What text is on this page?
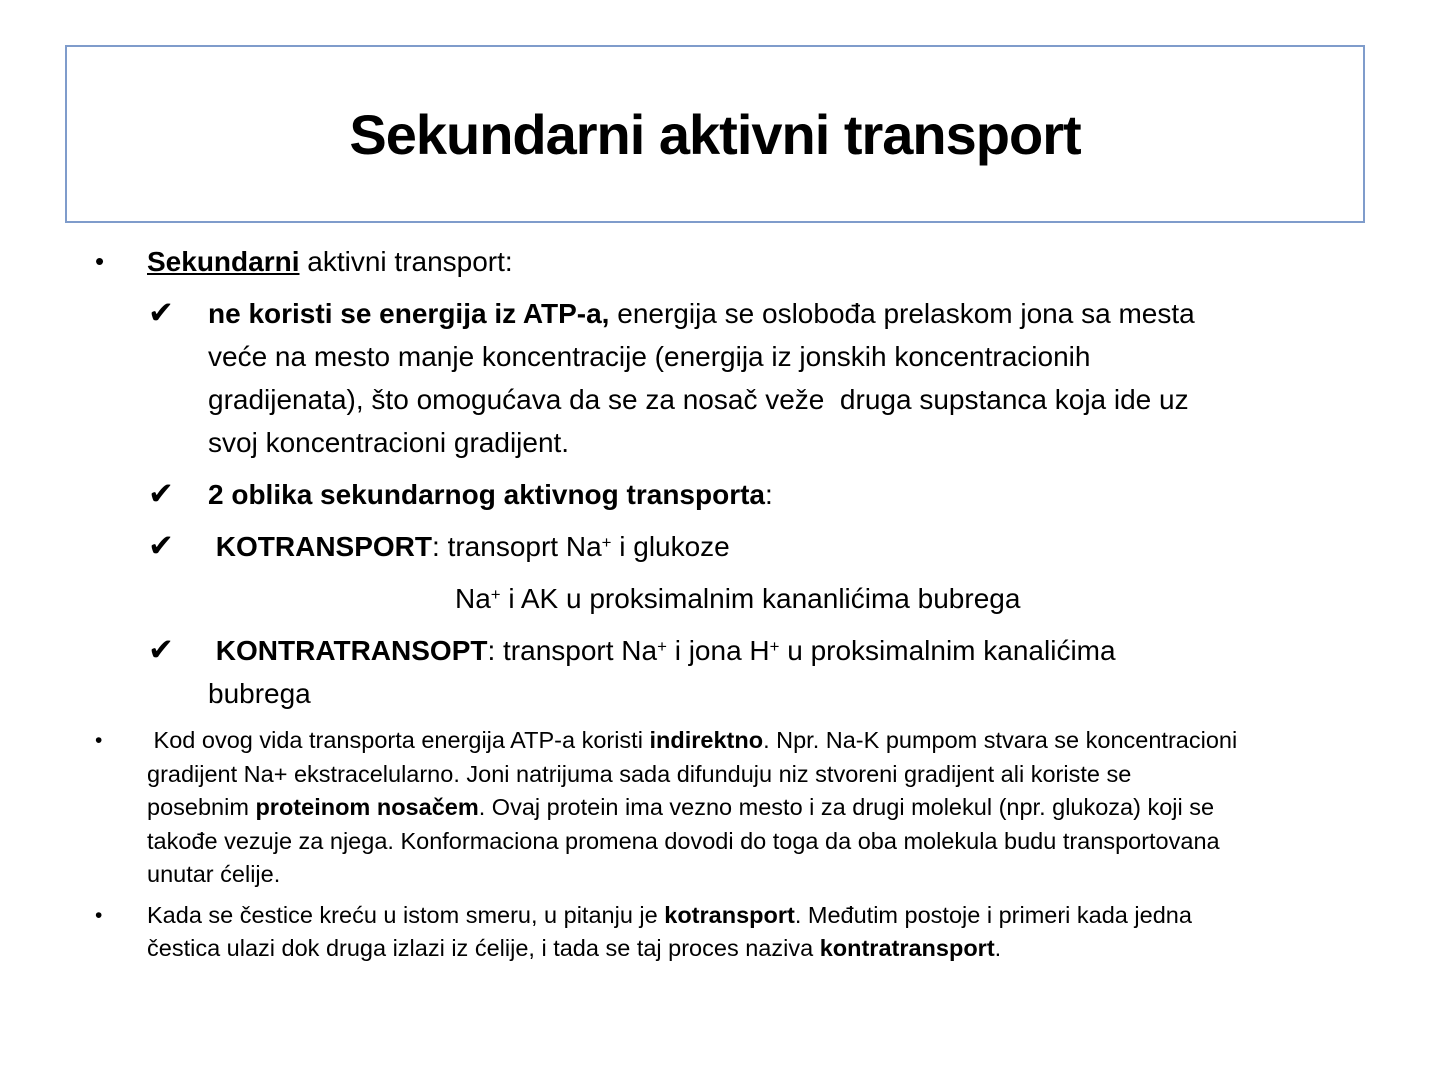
Sekundarni aktivni transport
•	Sekundarni aktivni transport:
✔	ne koristi se energija iz ATP-a, energija se oslobođa prelaskom jona sa mesta
veće na mesto manje koncentracije (energija iz jonskih koncentracionih
gradijenata), što omogućava da se za nosač veže  druga supstanca koja ide uz
svoj koncentracioni gradijent.
✔	2 oblika sekundarnog aktivnog transporta:
✔	KOTRANSPORT: transoprt Na+ i glukoze
Na+ i AK u proksimalnim kananlićima bubrega
✔	KONTRATRANSOPT: transport Na+ i jona H+ u proksimalnim kanalićima
bubrega
•	Kod ovog vida transporta energija ATP-a koristi indirektno. Npr. Na-K pumpom stvara se koncentracioni
gradijent Na+ ekstracelularno. Joni natrijuma sada difunduju niz stvoreni gradijent ali koriste se
posebnim proteinom nosačem. Ovaj protein ima vezno mesto i za drugi molekul (npr. glukoza) koji se
takođe vezuje za njega. Konformaciona promena dovodi do toga da oba molekula budu transportovana
unutar ćelije.
•	Kada se čestice kreću u istom smeru, u pitanju je kotransport. Međutim postoje i primeri kada jedna
čestica ulazi dok druga izlazi iz ćelije, i tada se taj proces naziva kontratransport.
